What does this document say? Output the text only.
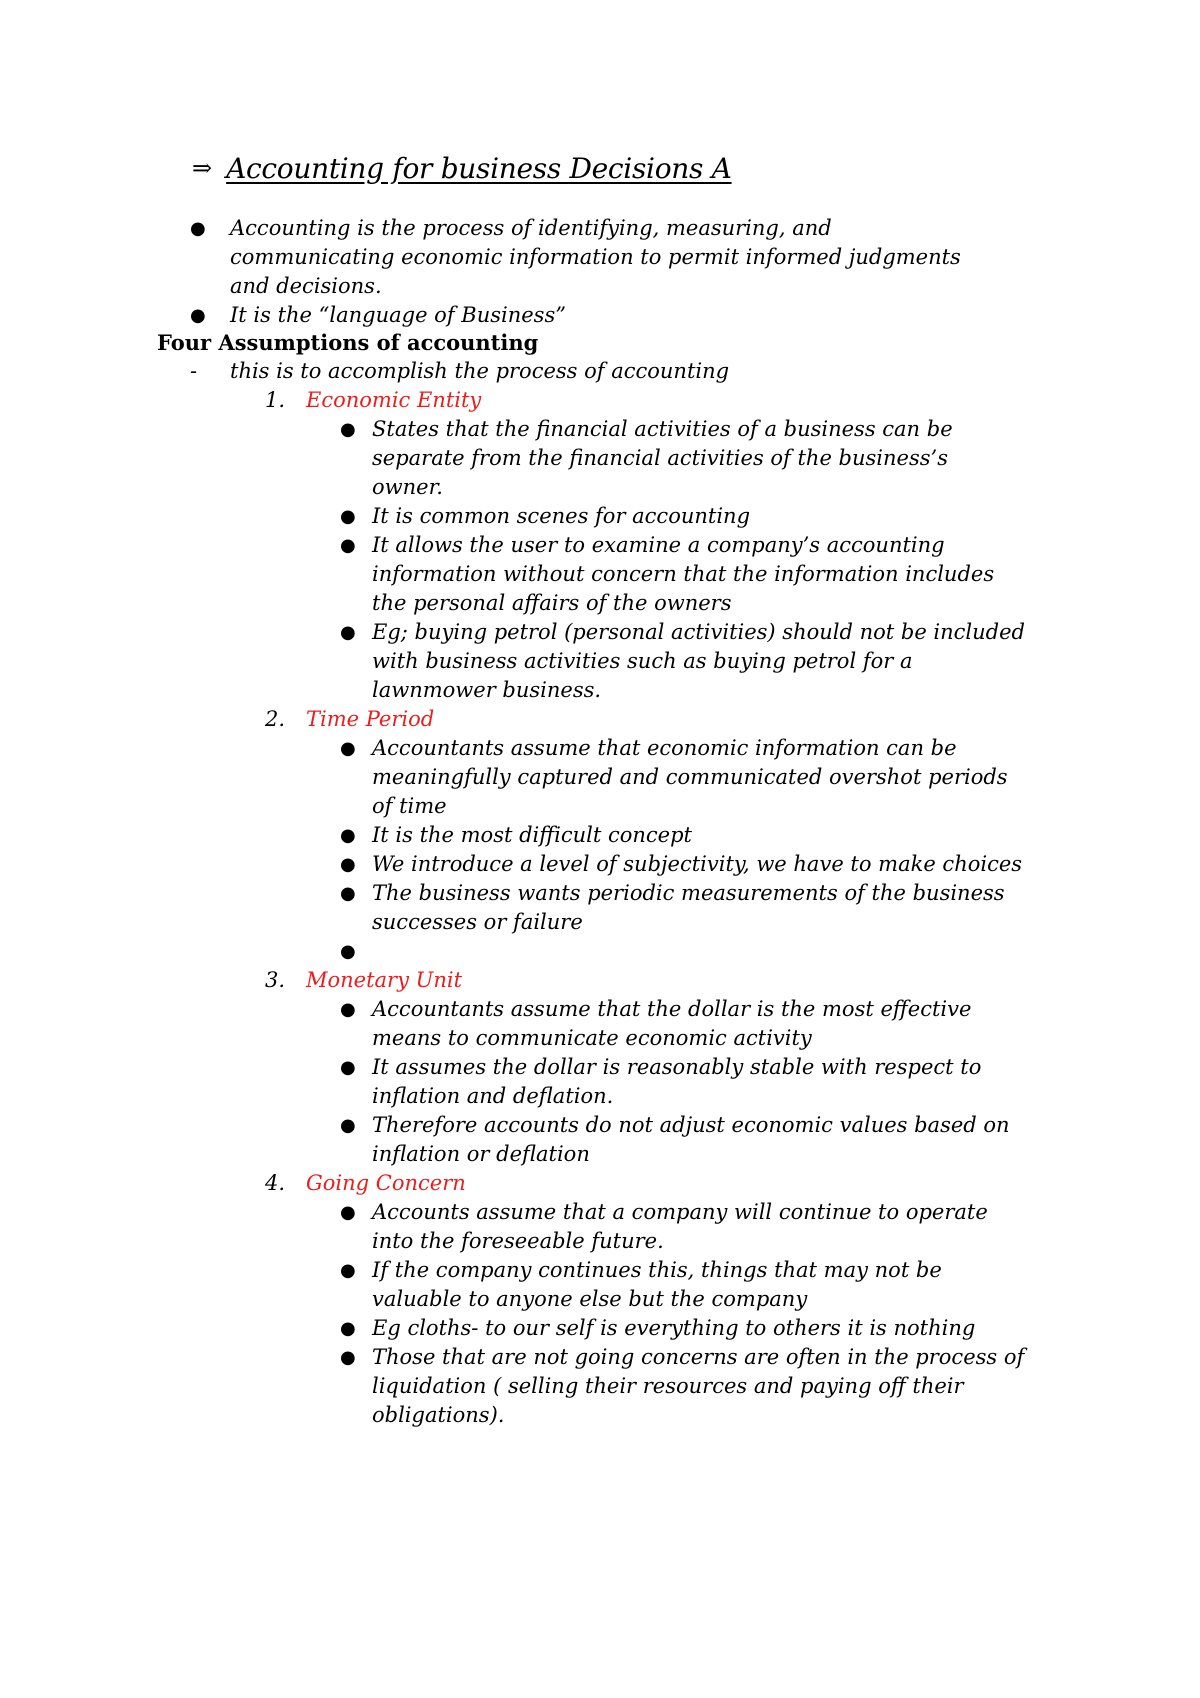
⇒ Accounting for business Decisions A
● Accounting is the process of identifying, measuring, and communicating economic information to permit informed judgments and decisions.
● It is the “language of Business”
Four Assumptions of accounting
- this is to accomplish the process of accounting
1. Economic Entity
● States that the financial activities of a business can be separate from the financial activities of the business’s owner.
● It is common scenes for accounting
● It allows the user to examine a company’s accounting information without concern that the information includes the personal affairs of the owners
● Eg; buying petrol (personal activities) should not be included with business activities such as buying petrol for a lawnmower business.
2. Time Period
● Accountants assume that economic information can be meaningfully captured and communicated overshot periods of time
● It is the most difficult concept
● We introduce a level of subjectivity, we have to make choices
● The business wants periodic measurements of the business successes or failure
●
3. Monetary Unit
● Accountants assume that the dollar is the most effective means to communicate economic activity
● It assumes the dollar is reasonably stable with respect to inflation and deflation.
● Therefore accounts do not adjust economic values based on inflation or deflation
4. Going Concern
● Accounts assume that a company will continue to operate into the foreseeable future.
● If the company continues this, things that may not be valuable to anyone else but the company
● Eg cloths- to our self is everything to others it is nothing
● Those that are not going concerns are often in the process of liquidation ( selling their resources and paying off their obligations).
